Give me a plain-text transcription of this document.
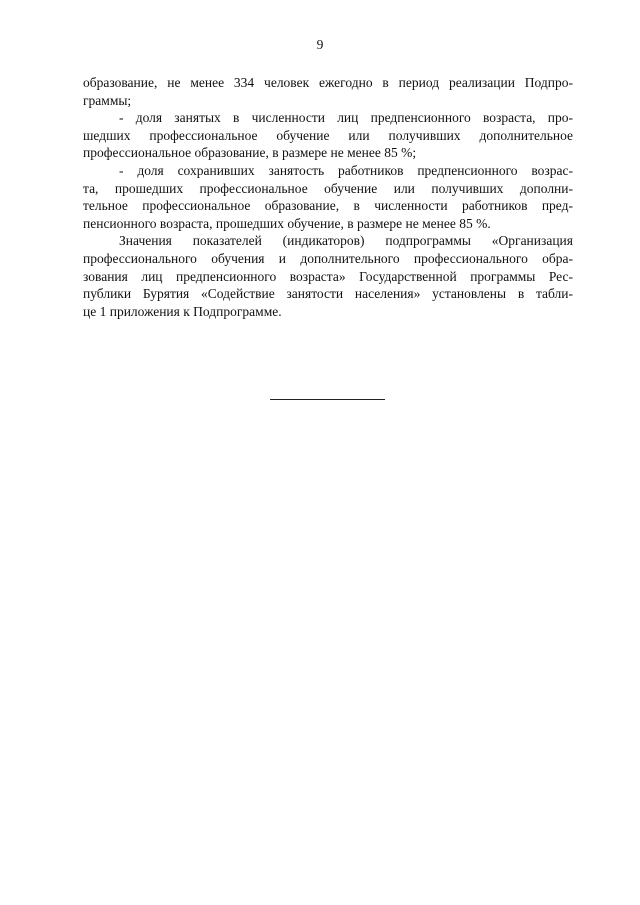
9

образование, не менее 334 человек ежегодно в период реализации Подпро-
граммы;

- доля занятых в численности лиц предпенсионного возраста, про-
шедших профессиональное обучение или получивших дополнительное
профессиональное образование, в размере не менее 85 %;

- доля сохранивших занятость работников предпенсионного возрас-
та, прошедших профессиональное обучение или получивших дополни-
тельное профессиональное образование, в численности работников пред-
пенсионного возраста, прошедших обучение, в размере не менее 85 %.

Значения показателей (индикаторов) подпрограммы «Организация
профессионального обучения и дополнительного профессионального обра-
зования лиц предпенсионного возраста» Государственной программы Рес-
публики Бурятия «Содействие занятости населения» установлены в табли-
це 1 приложения к Подпрограмме.
